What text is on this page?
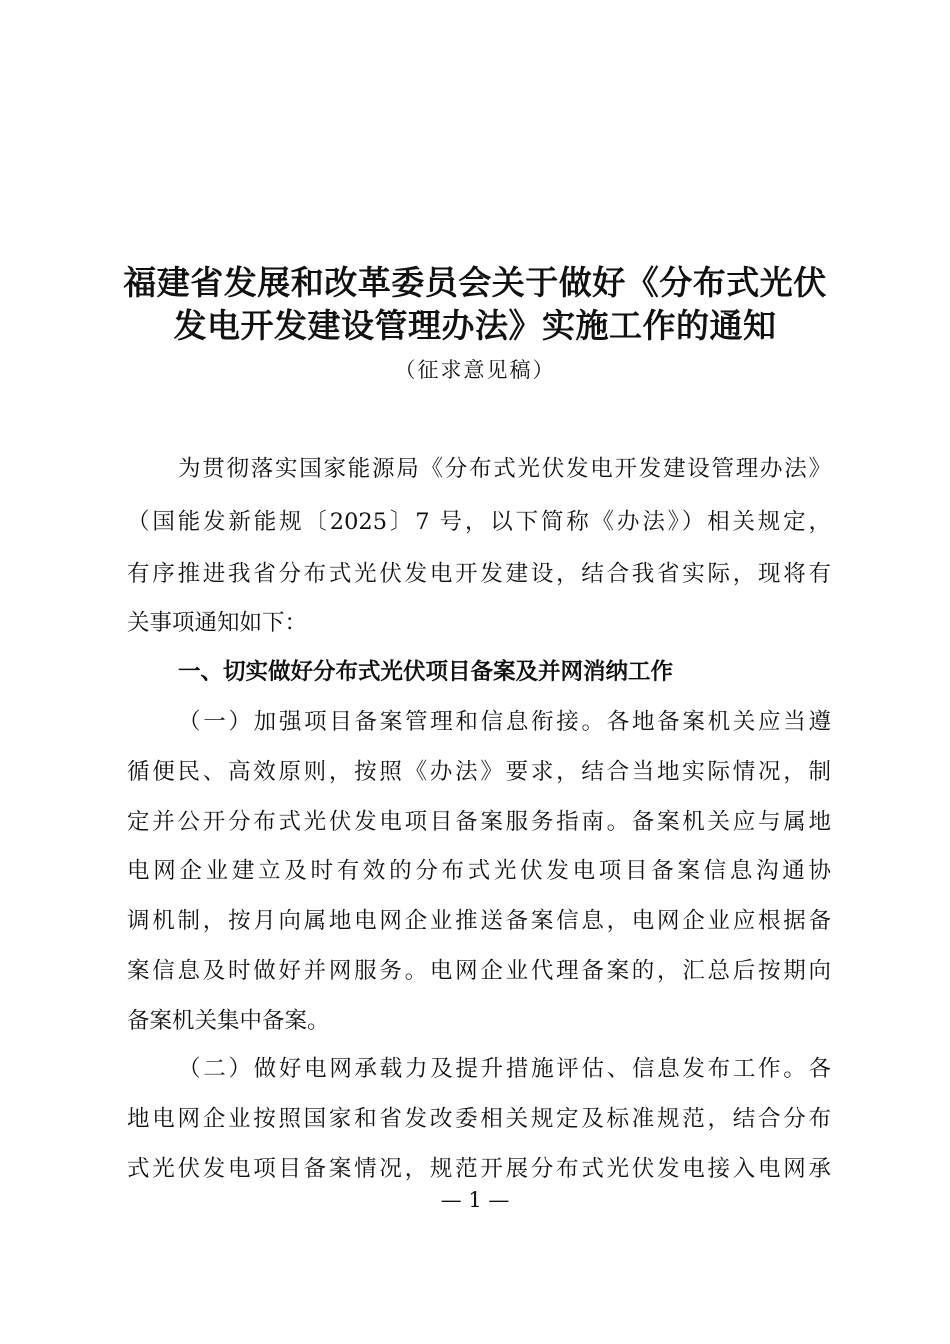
福建省发展和改革委员会关于做好《分布式光伏
发电开发建设管理办法》实施工作的通知
（征求意见稿）
为贯彻落实国家能源局《分布式光伏发电开发建设管理办法》
（国能发新能规〔2025〕7 号，以下简称《办法》）相关规定，
有序推进我省分布式光伏发电开发建设，结合我省实际，现将有
关事项通知如下：
一、切实做好分布式光伏项目备案及并网消纳工作
（一）加强项目备案管理和信息衔接。各地备案机关应当遵
循便民、高效原则，按照《办法》要求，结合当地实际情况，制
定并公开分布式光伏发电项目备案服务指南。备案机关应与属地
电网企业建立及时有效的分布式光伏发电项目备案信息沟通协
调机制，按月向属地电网企业推送备案信息，电网企业应根据备
案信息及时做好并网服务。电网企业代理备案的，汇总后按期向
备案机关集中备案。
（二）做好电网承载力及提升措施评估、信息发布工作。各
地电网企业按照国家和省发改委相关规定及标准规范，结合分布
式光伏发电项目备案情况，规范开展分布式光伏发电接入电网承
— 1 —
